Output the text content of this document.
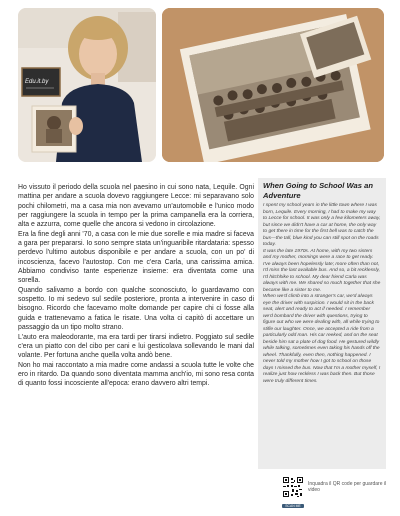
Edu.it.by

Ho vissuto il periodo della scuola nel paesino in cui sono nata, Lequile. Ogni mattina per andare a scuola dovevo raggiungere Lecce: mi separavano solo pochi chilometri, ma a casa mia non avevamo un'automobile e l'unico modo per raggiungere la scuola in tempo per la prima campanella era la corriera, alta e azzurra, come quelle che ancora si vedono in circolazione.

Era la fine degli anni '70, a casa con le mie due sorelle e mia madre si faceva a gara per prepararsi. Io sono sempre stata un'inguaribile ritardataria: spesso perdevo l'ultimo autobus disponibile e per andare a scuola, con un po' di incoscienza, facevo l'autostop. Con me c'era Carla, una carissima amica. Abbiamo condiviso tante esperienze insieme: era diventata come una sorella.

Quando salivamo a bordo con qualche sconosciuto, lo guardavamo con sospetto. Io mi sedevo sul sedile posteriore, pronta a intervenire in caso di bisogno. Ricordo che facevamo molte domande per capire chi ci fosse alla guida e trattenevamo a fatica le risate. Una volta ci capitò di accettare un passaggio da un tipo molto strano.

L'auto era maleodorante, ma era tardi per tirarsi indietro. Poggiato sul sedile c'era un piatto con del cibo per cani e lui gesticolava sollevando le mani dal volante. Per fortuna anche quella volta andò bene.

Non ho mai raccontato a mia madre come andassi a scuola tutte le volte che ero in ritardo. Da quando sono diventata mamma anch'io, mi sono resa conta di quanto fossi incosciente all'epoca: erano davvero altri tempi.

When Going to School Was an Adventure

I spent my school years in the little town where I was born, Lequile. Every morning, I had to make my way to Lecce for school. It was only a few kilometers away, but since we didn't have a car at home, the only way to get there in time for the first bell was to catch the bus—the tall, blue kind you can still spot on the roads today.

It was the late 1970s. At home, with my two sisters and my mother, mornings were a race to get ready. I've always been hopelessly late; more often than not, I'd miss the last available bus. And so, a bit recklessly, I'd hitchhike to school. My dear friend Carla was always with me. We shared so much together that she became like a sister to me.

When we'd climb into a stranger's car, we'd always eye the driver with suspicion. I would sit in the back seat, alert and ready to act if needed. I remember we'd bombard the driver with questions, trying to figure out who we were dealing with, all while trying to stifle our laughter. Once, we accepted a ride from a particularly odd man. His car reeked, and on the seat beside him sat a plate of dog food. He gestured wildly while talking, sometimes even taking his hands off the wheel. Thankfully, even then, nothing happened. I never told my mother how I got to school on those days I missed the bus. Now that I'm a mother myself, I realize just how reckless I was back then. But those were truly different times.

SCAN ME
Inquadra il QR code per guardare il video
